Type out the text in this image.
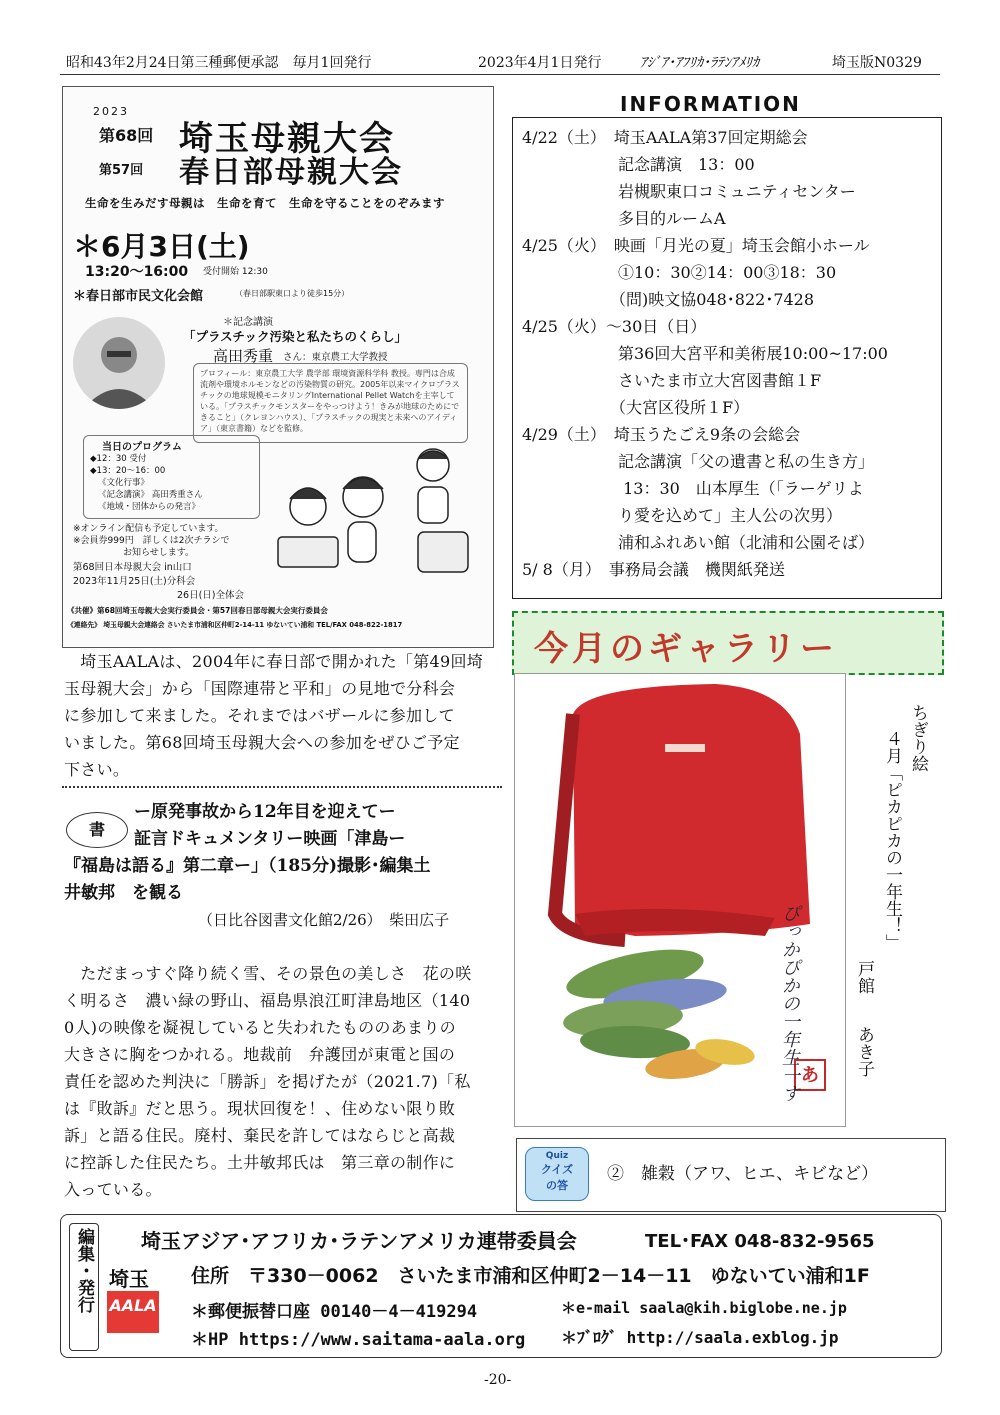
昭和43年2月24日第三種郵便承認　毎月1回発行	2023年4月1日発行	ｱｼﾞｱ･ｱﾌﾘｶ･ﾗﾃﾝｱﾒﾘｶ	埼玉版N0329
2023
第68回 埼玉母親大会
第57回 春日部母親大会
生命を生みだす母親は　生命を育て　生命を守ることをのぞみます
＊6月3日(土)
13:20～16:00 受付開始 12:30
＊春日部市民文化会館	（春日部駅東口より徒歩15分）
＊記念講演
「プラスチック汚染と私たちのくらし」
高田秀重 さん：東京農工大学教授
プロフィール：東京農工大学 農学部 環境資源科学科 教授。専門は合成流剤や環境ホルモンなどの汚染物質の研究。2005年以来マイクロプラスチックの地球規模モニタリングInternational Pellet Watchを主宰している。「プラスチックモンスターをやっつけよう！きみが地球のためにできること」（クレヨンハウス）、「プラスチックの現実と未来へのアイディア」（東京書籍）などを監修。
当日のプログラム
◆12：30 受付
◆13：20～16：00
《文化行事》
《記念講演》 高田秀重さん
《地域・団体からの発言》
※オンライン配信も予定しています。
※会員券999円　詳しくは2次チラシで
お知らせします。
第68回日本母親大会 in山口
2023年11月25日(土)分科会
26日(日)全体会
《共催》第68回埼玉母親大会実行委員会・第57回春日部母親大会実行委員会
《連絡先》 埼玉母親大会連絡会 さいたま市浦和区仲町2-14-11 ゆないてい浦和 TEL/FAX 048-822-1817
INFORMATION
4/22（土）　埼玉AALA第37回定期総会
　　　　　　記念講演　13：00
　　　　　　岩槻駅東口コミュニティセンター
　　　　　　多目的ルームA
4/25（火）　映画「月光の夏」埼玉会館小ホール
　　　　　　①10：30②14：00③18：30
　　　　　　（問)映文協048･822･7428
4/25（火）～30日（日）
　　　　　　第36回大宮平和美術展10:00~17:00
　　　　　　さいたま市立大宮図書館１F
　　　　　　（大宮区役所１F）
4/29（土）　埼玉うたごえ9条の会総会
　　　　　　記念講演「父の遺書と私の生き方」
　　　　　　 13：30　山本厚生（「ラーゲリよ
　　　　　　り愛を込めて」主人公の次男）
　　　　　　浦和ふれあい館（北浦和公園そば）
5/ 8（月）　事務局会議　機関紙発送
　埼玉AALAは、2004年に春日部で開かれた「第49回埼
玉母親大会」から「国際連帯と平和」の見地で分科会
に参加して来ました。それまではバザールに参加して
いました。第68回埼玉母親大会への参加をぜひご予定
下さい。
書
ー原発事故から12年目を迎えてー
証言ドキュメンタリー映画「津島ー
『福島は語る』第二章ー」（185分)撮影･編集土
井敏邦　を観る
（日比谷図書文化館2/26）　柴田広子
　ただまっすぐ降り続く雪、その景色の美しさ　花の咲
く明るさ　濃い緑の野山、福島県浪江町津島地区（140
0人)の映像を凝視していると失われたもののあまりの
大きさに胸をつかれる。地裁前　弁護団が東電と国の
責任を認めた判決に「勝訴」を掲げたが（2021.7)「私
は『敗訴』だと思う。現状回復を！、住めない限り敗
訴」と語る住民。廃村、棄民を許してはならじと高裁
に控訴した住民たち。土井敏邦氏は　第三章の制作に
入っている。
今月のギャラリー
ぴっかぴかの一年生一す あ
ちぎり絵
４月「ピカピカの一年生！」
戸館
あき子
Quiz
クイズ
の答
②　雑穀（アワ、ヒエ、キビなど）
編集・発行 埼玉
AALA
埼玉アジア･アフリカ･ラテンアメリカ連帯委員会	TEL･FAX 048-832-9565
住所　〒330－0062　さいたま市浦和区仲町2－14－11　ゆないてい浦和1F
＊郵便振替口座 00140－4－419294	＊e-mail saala@kih.biglobe.ne.jp
＊HP https://www.saitama-aala.org ＊ﾌﾞﾛｸﾞ http://saala.exblog.jp
-20-
